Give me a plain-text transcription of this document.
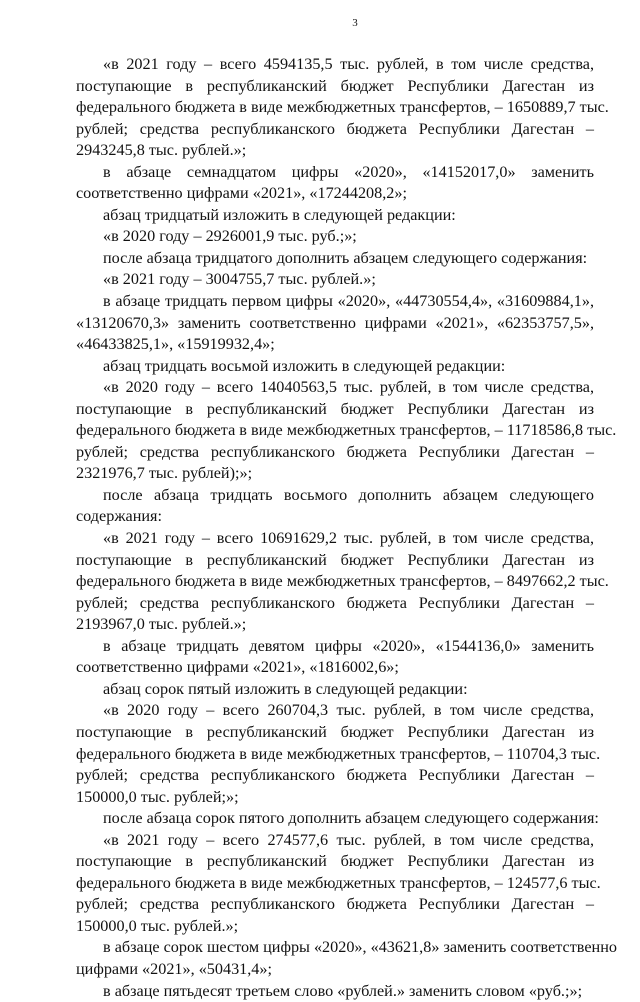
3
«в 2021 году – всего 4594135,5 тыс. рублей, в том числе средства,
поступающие в республиканский бюджет Республики Дагестан из
федерального бюджета в виде межбюджетных трансфертов, – 1650889,7 тыс.
рублей; средства республиканского бюджета Республики Дагестан –
2943245,8 тыс. рублей.»;
в абзаце семнадцатом цифры «2020», «14152017,0» заменить
соответственно цифрами «2021», «17244208,2»;
абзац тридцатый изложить в следующей редакции:
«в 2020 году – 2926001,9 тыс. руб.;»;
после абзаца тридцатого дополнить абзацем следующего содержания:
«в 2021 году – 3004755,7 тыс. рублей.»;
в абзаце тридцать первом цифры «2020», «44730554,4», «31609884,1»,
«13120670,3» заменить соответственно цифрами «2021», «62353757,5»,
«46433825,1», «15919932,4»;
абзац тридцать восьмой изложить в следующей редакции:
«в 2020 году – всего 14040563,5 тыс. рублей, в том числе средства,
поступающие в республиканский бюджет Республики Дагестан из
федерального бюджета в виде межбюджетных трансфертов, – 11718586,8 тыс.
рублей; средства республиканского бюджета Республики Дагестан –
2321976,7 тыс. рублей);»;
после абзаца тридцать восьмого дополнить абзацем следующего
содержания:
«в 2021 году – всего 10691629,2 тыс. рублей, в том числе средства,
поступающие в республиканский бюджет Республики Дагестан из
федерального бюджета в виде межбюджетных трансфертов, – 8497662,2 тыс.
рублей; средства республиканского бюджета Республики Дагестан –
2193967,0 тыс. рублей.»;
в абзаце тридцать девятом цифры «2020», «1544136,0» заменить
соответственно цифрами «2021», «1816002,6»;
абзац сорок пятый изложить в следующей редакции:
«в 2020 году – всего 260704,3 тыс. рублей, в том числе средства,
поступающие в республиканский бюджет Республики Дагестан из
федерального бюджета в виде межбюджетных трансфертов, – 110704,3 тыс.
рублей; средства республиканского бюджета Республики Дагестан –
150000,0 тыс. рублей;»;
после абзаца сорок пятого дополнить абзацем следующего содержания:
«в 2021 году – всего 274577,6 тыс. рублей, в том числе средства,
поступающие в республиканский бюджет Республики Дагестан из
федерального бюджета в виде межбюджетных трансфертов, – 124577,6 тыс.
рублей; средства республиканского бюджета Республики Дагестан –
150000,0 тыс. рублей.»;
в абзаце сорок шестом цифры «2020», «43621,8» заменить соответственно
цифрами «2021», «50431,4»;
в абзаце пятьдесят третьем слово «рублей.» заменить словом «руб.;»;
